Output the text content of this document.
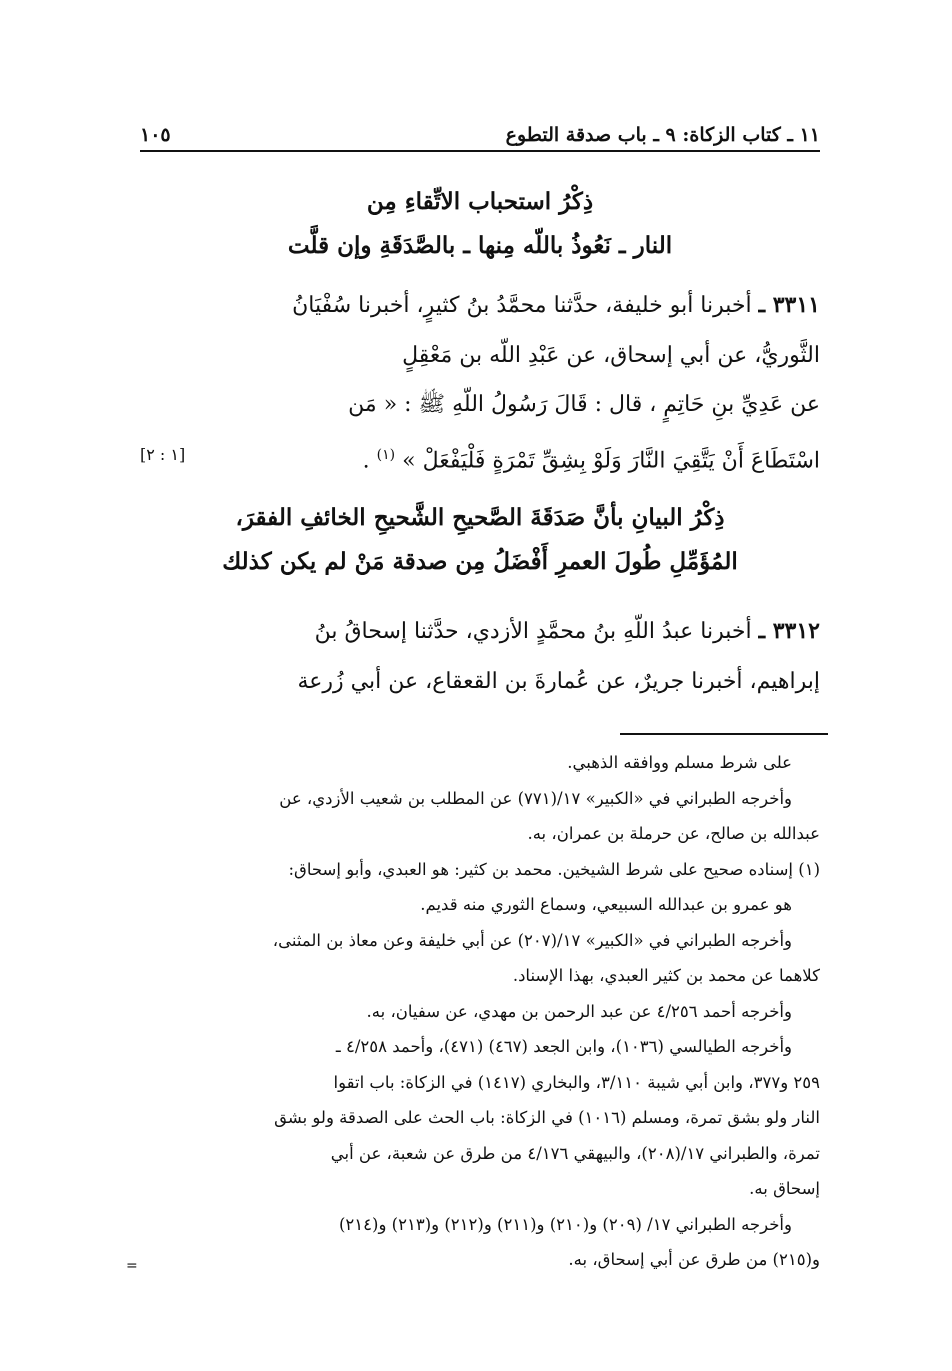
١١ ـ كتاب الزكاة: ٩ ـ باب صدقة التطوع
١٠٥
ذِكْرُ استحباب الاتِّقاءِ مِن
النار ـ نَعُوذُ باللّه مِنها ـ بالصَّدَقَةِ وإن قلَّت
٣٣١١ ـ أخبرنا أبو خليفة، حدَّثنا محمَّدُ بنُ كثيرٍ، أخبرنا سُفْيَانُ
الثَّوريُّ، عن أبي إسحاق، عن عَبْدِ اللّه بن مَعْقِلٍ
عن عَدِيِّ بنِ حَاتِمٍ ، قال : قَالَ رَسُولُ اللّهِ ﷺ : « مَن
اسْتَطَاعَ أَنْ يَتَّقِيَ النَّارَ وَلَوْ بِشِقِّ تَمْرَةٍ فَلْيَفْعَلْ » $^{(١)}$ .
[١ : ٢]
ذِكْرُ البيانِ بأنَّ صَدَقَةَ الصَّحيحِ الشَّحيحِ الخائفِ الفقرَ،
المُؤَمِّلِ طُولَ العمرِ أَفْضَلُ مِن صدقة مَنْ لم يكن كذلك
٣٣١٢ ـ أخبرنا عبدُ اللّهِ بنُ محمَّدٍ الأزدي، حدَّثنا إسحاقُ بنُ
إبراهيم، أخبرنا جريرٌ، عن عُمارةَ بن القعقاع، عن أبي زُرعة
على شرط مسلم ووافقه الذهبي.
وأخرجه الطبراني في «الكبير» ١٧/(٧٧١) عن المطلب بن شعيب الأزدي، عن
عبدالله بن صالح، عن حرملة بن عمران، به.
(١) إسناده صحيح على شرط الشيخين. محمد بن كثير: هو العبدي، وأبو إسحاق:
هو عمرو بن عبدالله السبيعي، وسماع الثوري منه قديم.
وأخرجه الطبراني في «الكبير» ١٧/(٢٠٧) عن أبي خليفة وعن معاذ بن المثنى،
كلاهما عن محمد بن كثير العبدي، بهذا الإسناد.
وأخرجه أحمد ٤/٢٥٦ عن عبد الرحمن بن مهدي، عن سفيان، به.
وأخرجه الطيالسي (١٠٣٦)، وابن الجعد (٤٦٧) (٤٧١)، وأحمد ٤/٢٥٨ ـ
٢٥٩ و٣٧٧، وابن أبي شيبة ٣/١١٠، والبخاري (١٤١٧) في الزكاة: باب اتقوا
النار ولو بشق تمرة، ومسلم (١٠١٦) في الزكاة: باب الحث على الصدقة ولو بشق
تمرة، والطبراني ١٧/(٢٠٨)، والبيهقي ٤/١٧٦ من طرق عن شعبة، عن أبي
إسحاق به.
وأخرجه الطبراني ١٧/ (٢٠٩) و(٢١٠) و(٢١١) و(٢١٢) و(٢١٣) و(٢١٤)
و(٢١٥) من طرق عن أبي إسحاق، به.
=
